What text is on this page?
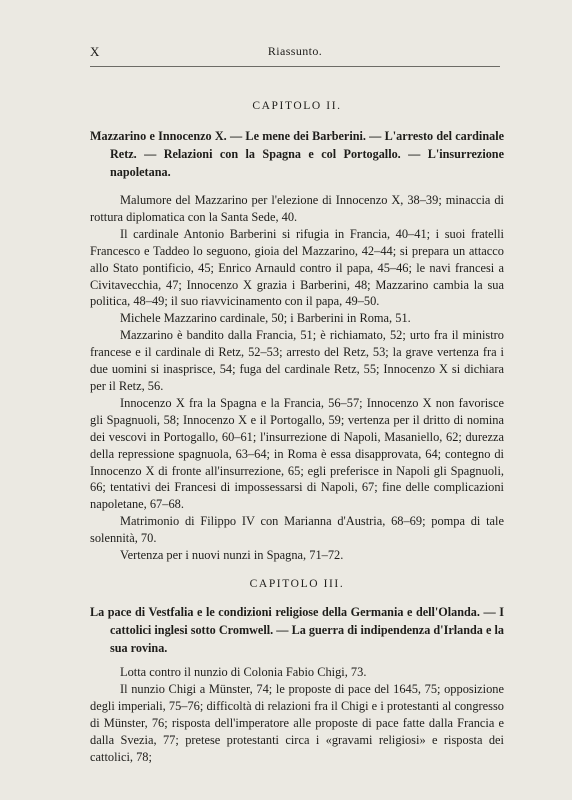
X	Riassunto.

CAPITOLO II.

Mazzarino e Innocenzo X. — Le mene dei Barberini. — L'arresto del cardinale Retz. — Relazioni con la Spagna e col Portogallo. — L'insurrezione napoletana.

Malumore del Mazzarino per l'elezione di Innocenzo X, 38–39; minaccia di rottura diplomatica con la Santa Sede, 40.

Il cardinale Antonio Barberini si rifugia in Francia, 40–41; i suoi fratelli Francesco e Taddeo lo seguono, gioia del Mazzarino, 42–44; si prepara un attacco allo Stato pontificio, 45; Enrico Arnauld contro il papa, 45–46; le navi francesi a Civitavecchia, 47; Innocenzo X grazia i Barberini, 48; Mazzarino cambia la sua politica, 48–49; il suo riavvicinamento con il papa, 49–50.

Michele Mazzarino cardinale, 50; i Barberini in Roma, 51.

Mazzarino è bandito dalla Francia, 51; è richiamato, 52; urto fra il ministro francese e il cardinale di Retz, 52–53; arresto del Retz, 53; la grave vertenza fra i due uomini si inasprisce, 54; fuga del cardinale Retz, 55; Innocenzo X si dichiara per il Retz, 56.

Innocenzo X fra la Spagna e la Francia, 56–57; Innocenzo X non favorisce gli Spagnuoli, 58; Innocenzo X e il Portogallo, 59; vertenza per il dritto di nomina dei vescovi in Portogallo, 60–61; l'insurrezione di Napoli, Masaniello, 62; durezza della repressione spagnuola, 63–64; in Roma è essa disapprovata, 64; contegno di Innocenzo X di fronte all'insurrezione, 65; egli preferisce in Napoli gli Spagnuoli, 66; tentativi dei Francesi di impossessarsi di Napoli, 67; fine delle complicazioni napoletane, 67–68.

Matrimonio di Filippo IV con Marianna d'Austria, 68–69; pompa di tale solennità, 70.

Vertenza per i nuovi nunzi in Spagna, 71–72.

CAPITOLO III.

La pace di Vestfalia e le condizioni religiose della Germania e dell'Olanda. — I cattolici inglesi sotto Cromwell. — La guerra di indipendenza d'Irlanda e la sua rovina.

Lotta contro il nunzio di Colonia Fabio Chigi, 73.

Il nunzio Chigi a Münster, 74; le proposte di pace del 1645, 75; opposizione degli imperiali, 75–76; difficoltà di relazioni fra il Chigi e i protestanti al congresso di Münster, 76; risposta dell'imperatore alle proposte di pace fatte dalla Francia e dalla Svezia, 77; pretese protestanti circa i «gravami religiosi» e risposta dei cattolici, 78;
